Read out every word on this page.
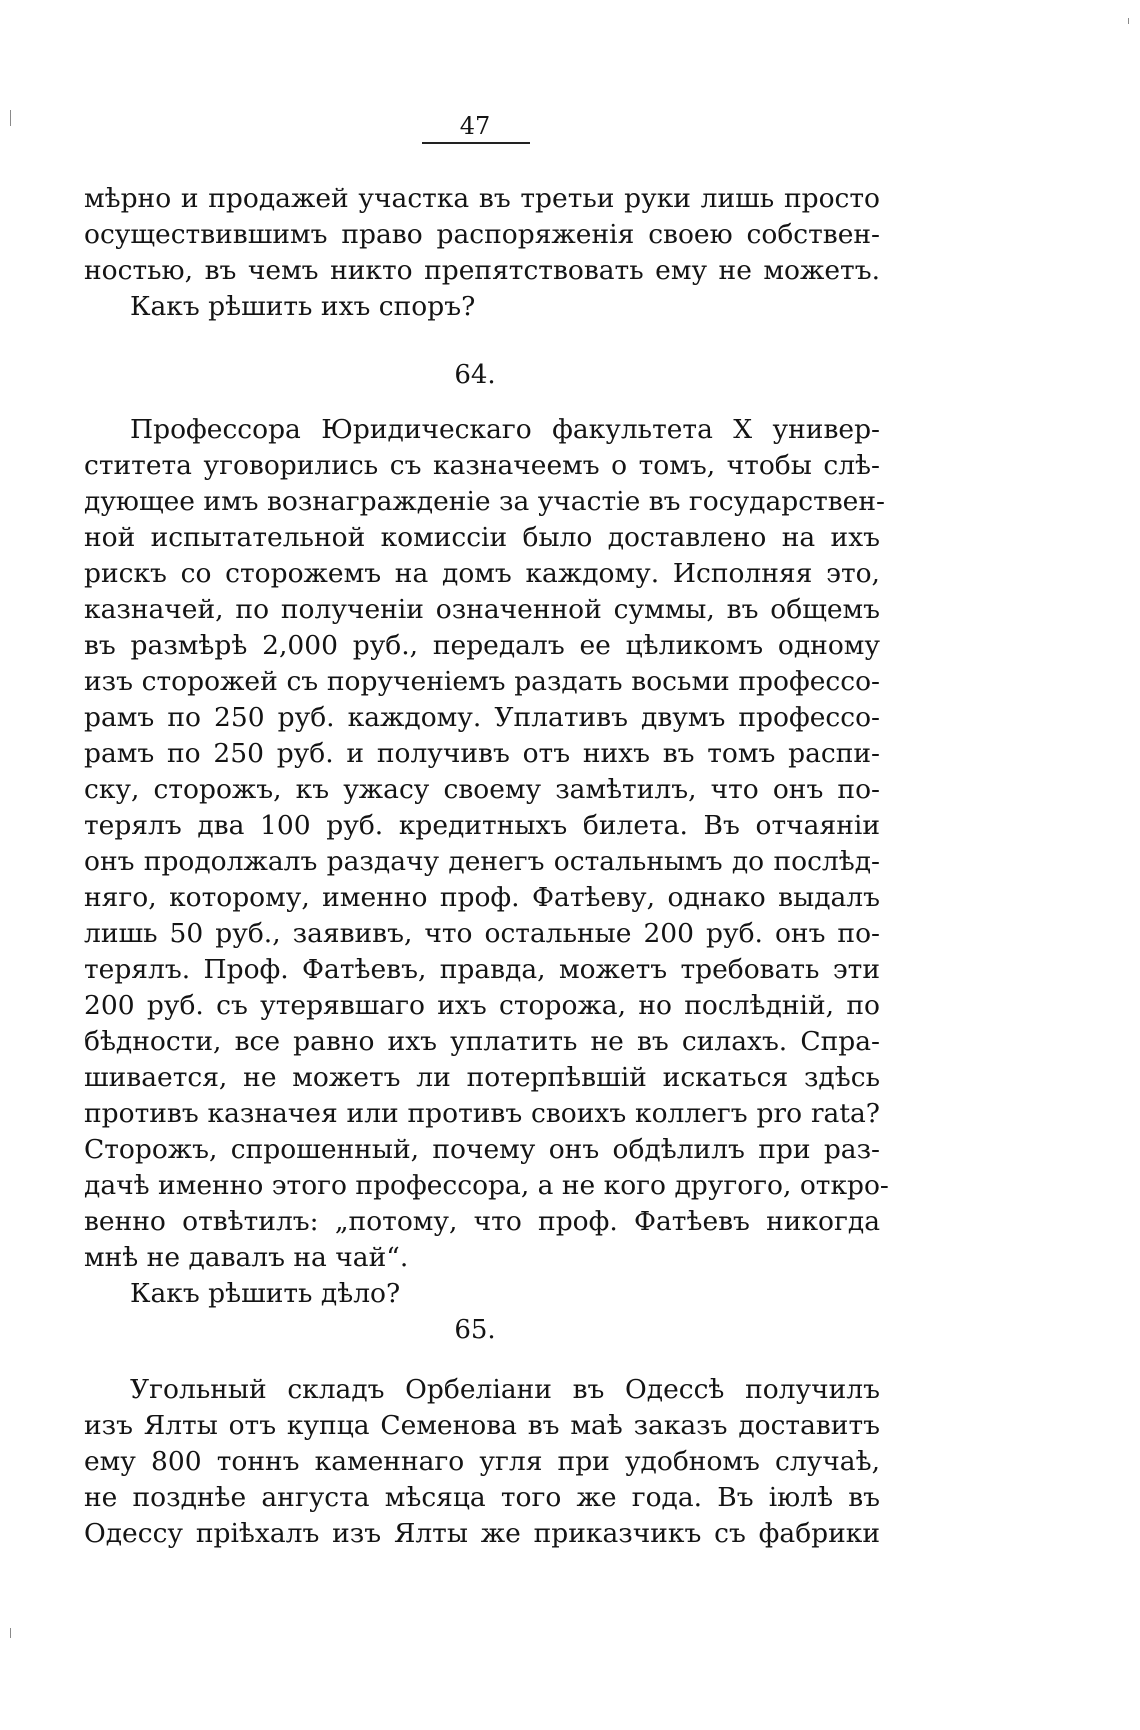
47
мѣрно и продажей участка въ третьи руки лишь просто
осуществившимъ право распоряженія своею собствен-
ностью, въ чемъ никто препятствовать ему не можетъ.
Какъ рѣшить ихъ споръ?
64.
Профессора Юридическаго факультета X универ-
ститета уговорились съ казначеемъ о томъ, чтобы слѣ-
дующее имъ вознагражденіе за участіе въ государствен-
ной испытательной комиссіи было доставлено на ихъ
рискъ со сторожемъ на домъ каждому. Исполняя это,
казначей, по полученіи означенной суммы, въ общемъ
въ размѣрѣ 2,000 руб., передалъ ее цѣликомъ одному
изъ сторожей съ порученіемъ раздать восьми профессо-
рамъ по 250 руб. каждому. Уплативъ двумъ профессо-
рамъ по 250 руб. и получивъ отъ нихъ въ томъ распи-
ску, сторожъ, къ ужасу своему замѣтилъ, что онъ по-
терялъ два 100 руб. кредитныхъ билета. Въ отчаяніи
онъ продолжалъ раздачу денегъ остальнымъ до послѣд-
няго, которому, именно проф. Фатѣеву, однако выдалъ
лишь 50 руб., заявивъ, что остальные 200 руб. онъ по-
терялъ. Проф. Фатѣевъ, правда, можетъ требовать эти
200 руб. съ утерявшаго ихъ сторожа, но послѣдній, по
бѣдности, все равно ихъ уплатить не въ силахъ. Спра-
шивается, не можетъ ли потерпѣвшій искаться здѣсь
противъ казначея или противъ своихъ коллегъ pro rata?
Сторожъ, спрошенный, почему онъ обдѣлилъ при раз-
дачѣ именно этого профессора, а не кого другого, откро-
венно отвѣтилъ: „потому, что проф. Фатѣевъ никогда
мнѣ не давалъ на чай“.
Какъ рѣшить дѣло?
65.
Угольный складъ Орбеліани въ Одессѣ получилъ
изъ Ялты отъ купца Семенова въ маѣ заказъ доставитъ
ему 800 тоннъ каменнаго угля при удобномъ случаѣ,
не позднѣе ангуста мѣсяца того же года. Въ іюлѣ въ
Одессу пріѣхалъ изъ Ялты же приказчикъ съ фабрики
